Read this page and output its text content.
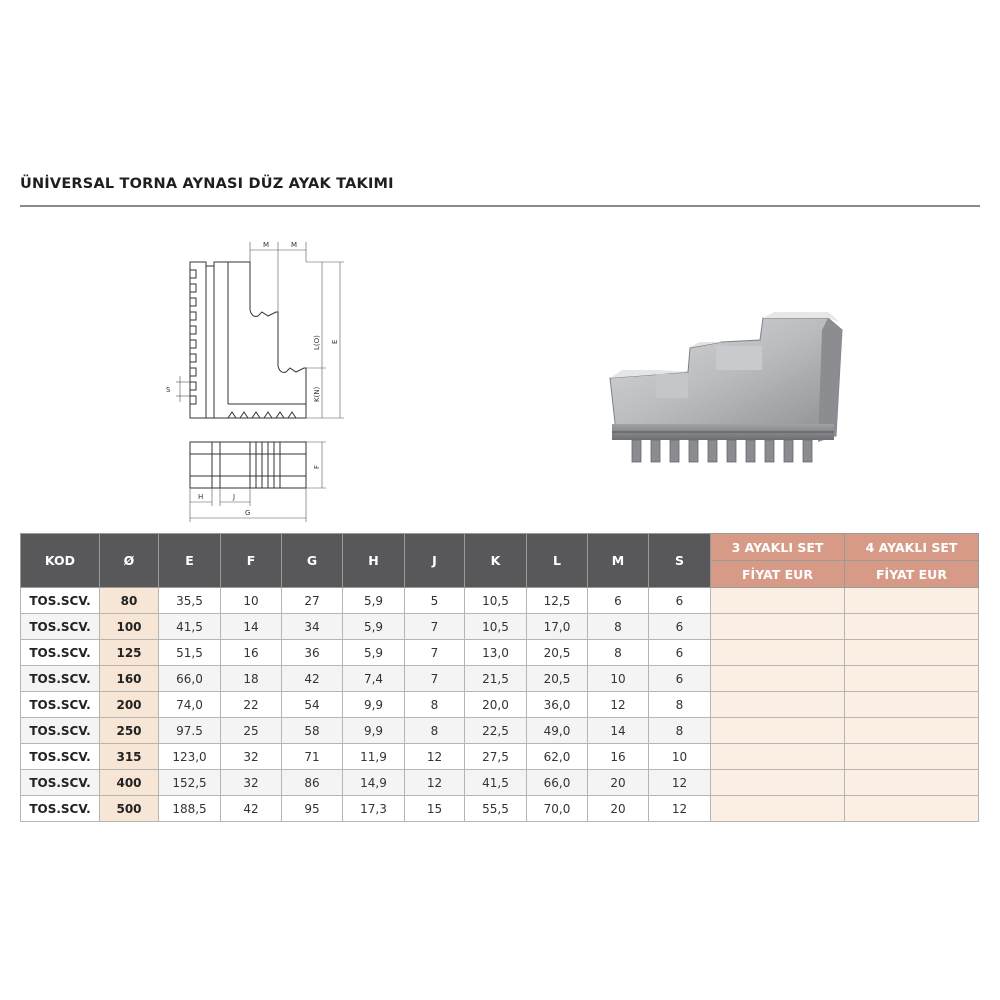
ÜNİVERSAL TORNA AYNASI DÜZ AYAK TAKIMI
M	M
S
L(O)
K(N)
E
F
H	J
G
KOD	Ø	E	F	G	H	J	K	L	M	S	3 AYAKLI SET	4 AYAKLI SET
											FİYAT EUR	FİYAT EUR
TOS.SCV.	80	35,5	10	27	5,9	5	10,5	12,5	6	6		
TOS.SCV.	100	41,5	14	34	5,9	7	10,5	17,0	8	6		
TOS.SCV.	125	51,5	16	36	5,9	7	13,0	20,5	8	6		
TOS.SCV.	160	66,0	18	42	7,4	7	21,5	20,5	10	6		
TOS.SCV.	200	74,0	22	54	9,9	8	20,0	36,0	12	8		
TOS.SCV.	250	97.5	25	58	9,9	8	22,5	49,0	14	8		
TOS.SCV.	315	123,0	32	71	11,9	12	27,5	62,0	16	10		
TOS.SCV.	400	152,5	32	86	14,9	12	41,5	66,0	20	12		
TOS.SCV.	500	188,5	42	95	17,3	15	55,5	70,0	20	12		
